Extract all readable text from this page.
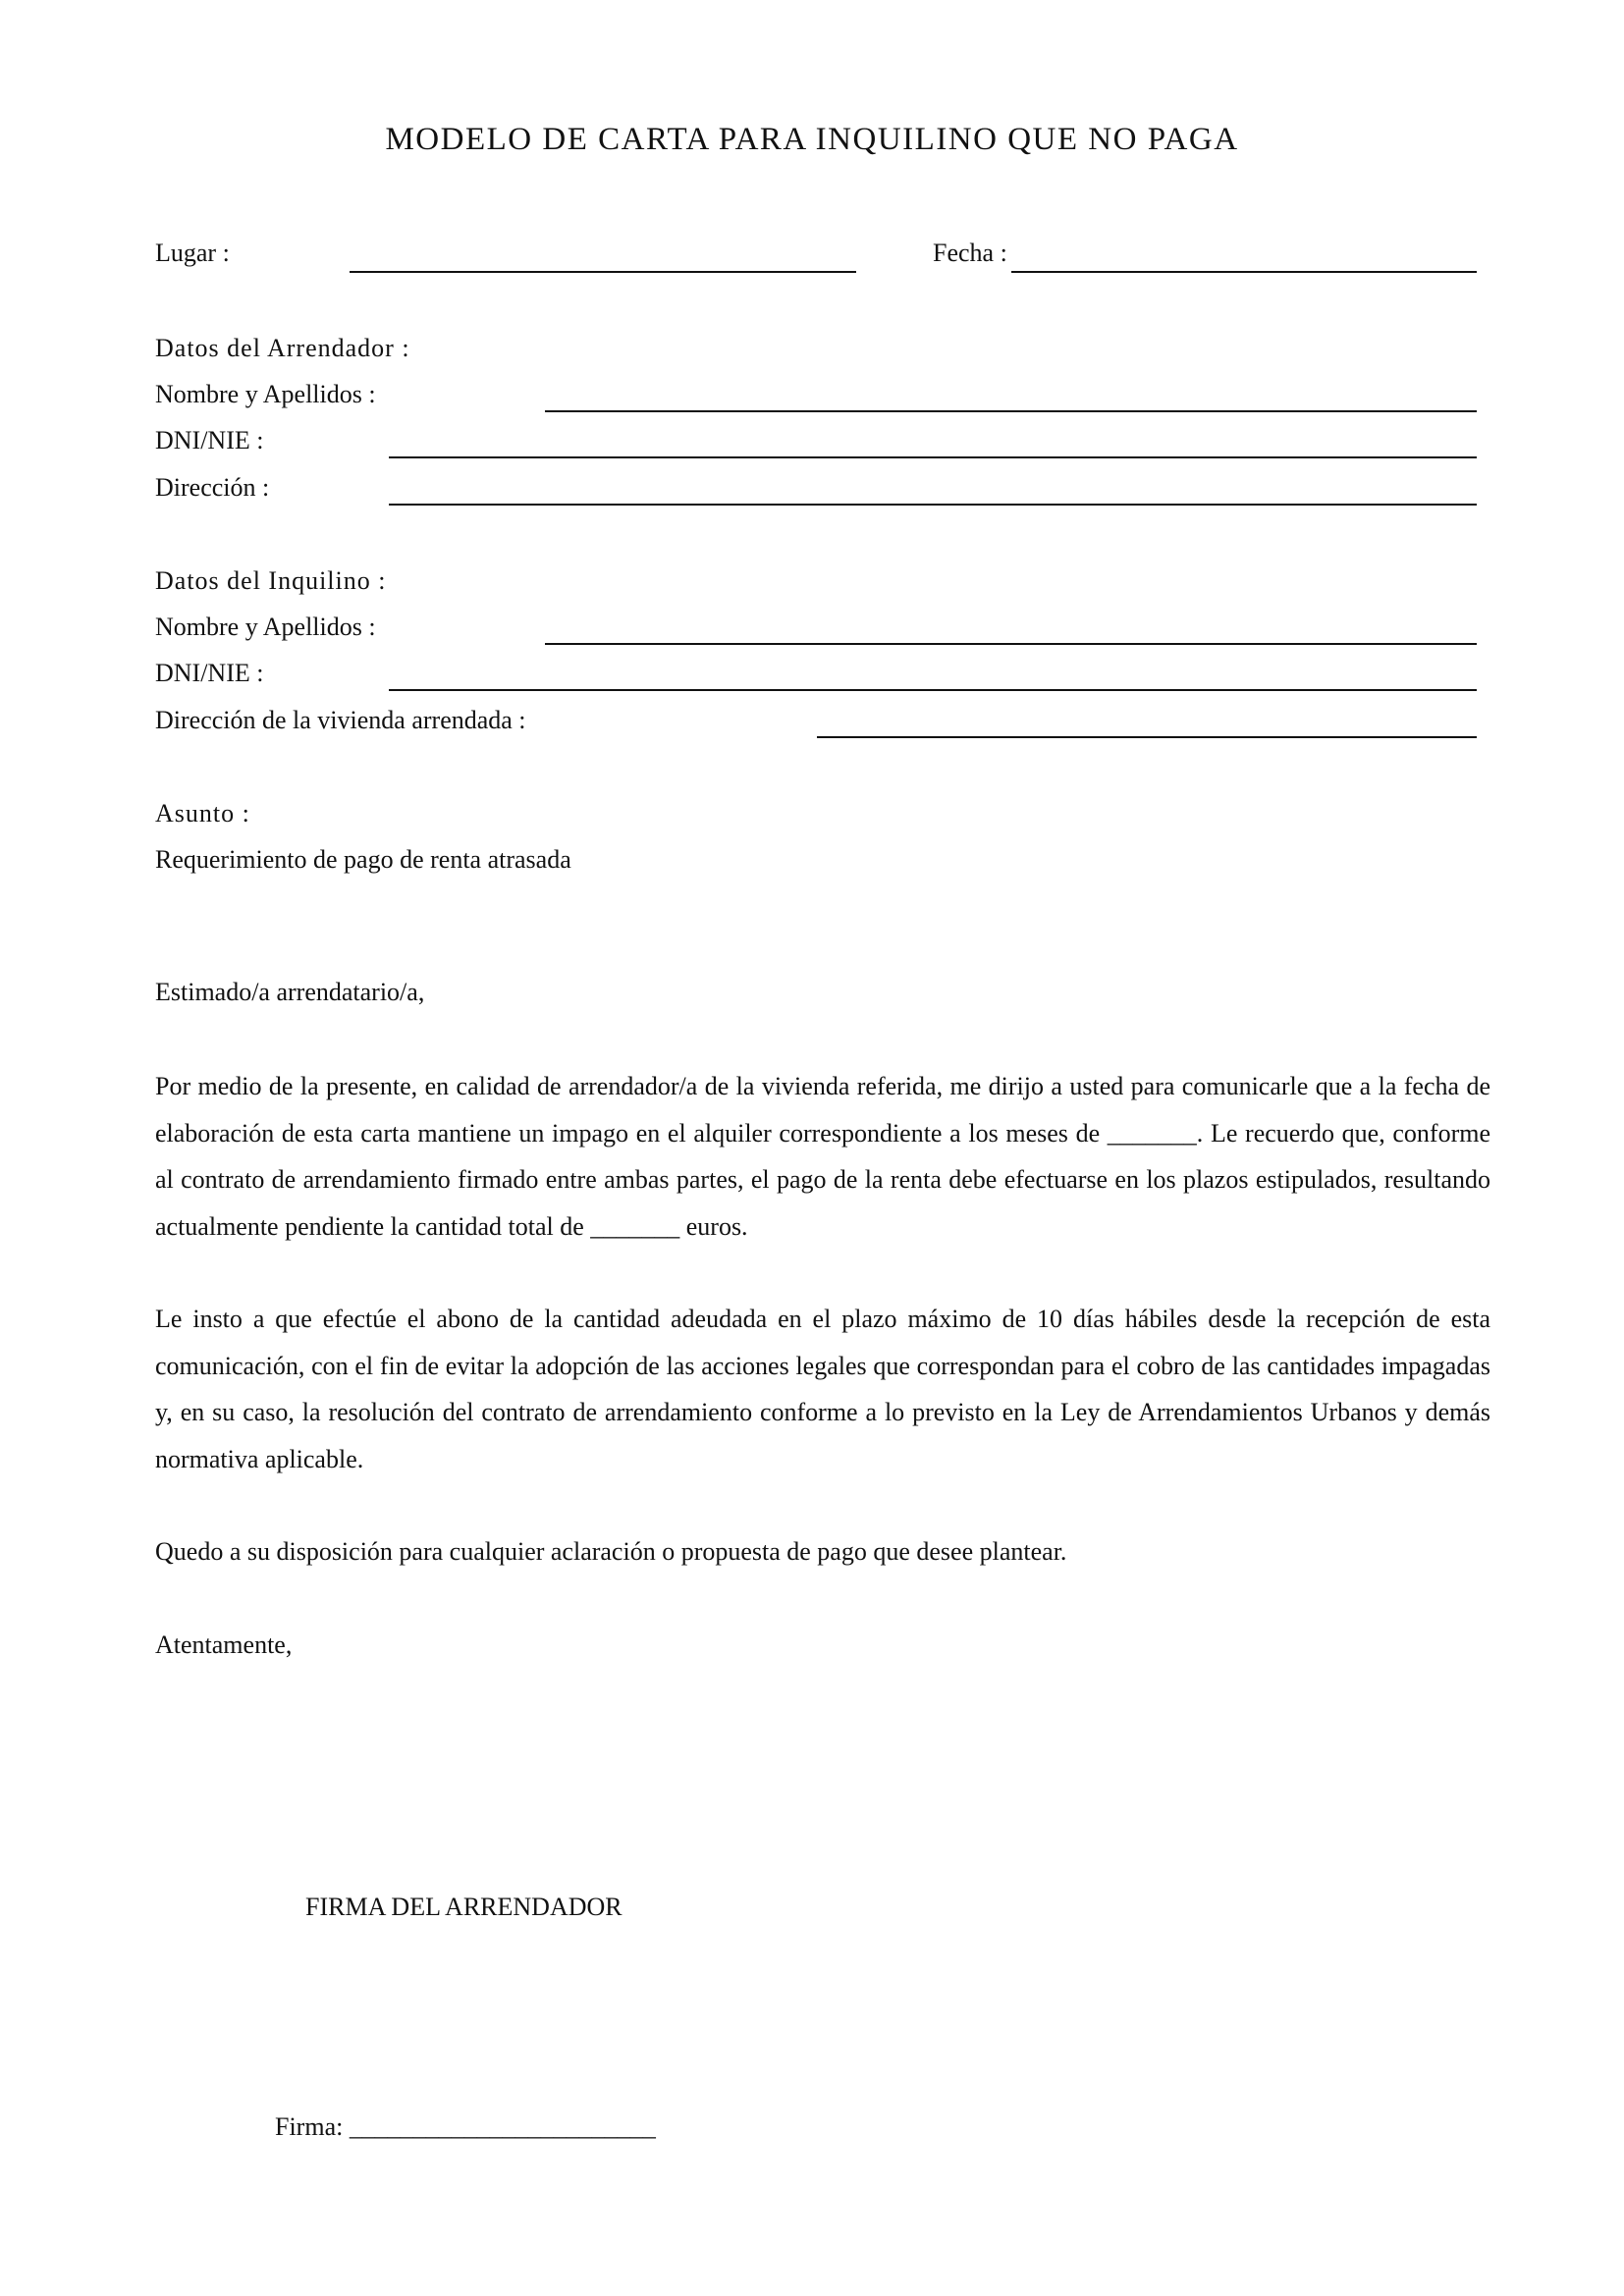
MODELO DE CARTA PARA INQUILINO QUE NO PAGA
Lugar :	Fecha :
Datos del Arrendador :
Nombre y Apellidos :
DNI/NIE :
Dirección :
Datos del Inquilino :
Nombre y Apellidos :
DNI/NIE :
Dirección de la vivienda arrendada :
Asunto :
Requerimiento de pago de renta atrasada
Estimado/a arrendatario/a,

Por medio de la presente, en calidad de arrendador/a de la vivienda referida, me dirijo a usted para comunicarle que a la fecha de elaboración de esta carta mantiene un impago en el alquiler correspondiente a los meses de _______. Le recuerdo que, conforme al contrato de arrendamiento firmado entre ambas partes, el pago de la renta debe efectuarse en los plazos estipulados, resultando actualmente pendiente la cantidad total de _______ euros.

Le insto a que efectúe el abono de la cantidad adeudada en el plazo máximo de 10 días hábiles desde la recepción de esta comunicación, con el fin de evitar la adopción de las acciones legales que correspondan para el cobro de las cantidades impagadas y, en su caso, la resolución del contrato de arrendamiento conforme a lo previsto en la Ley de Arrendamientos Urbanos y demás normativa aplicable.

Quedo a su disposición para cualquier aclaración o propuesta de pago que desee plantear.
Atentamente,
FIRMA DEL ARRENDADOR
Firma: ________________________
